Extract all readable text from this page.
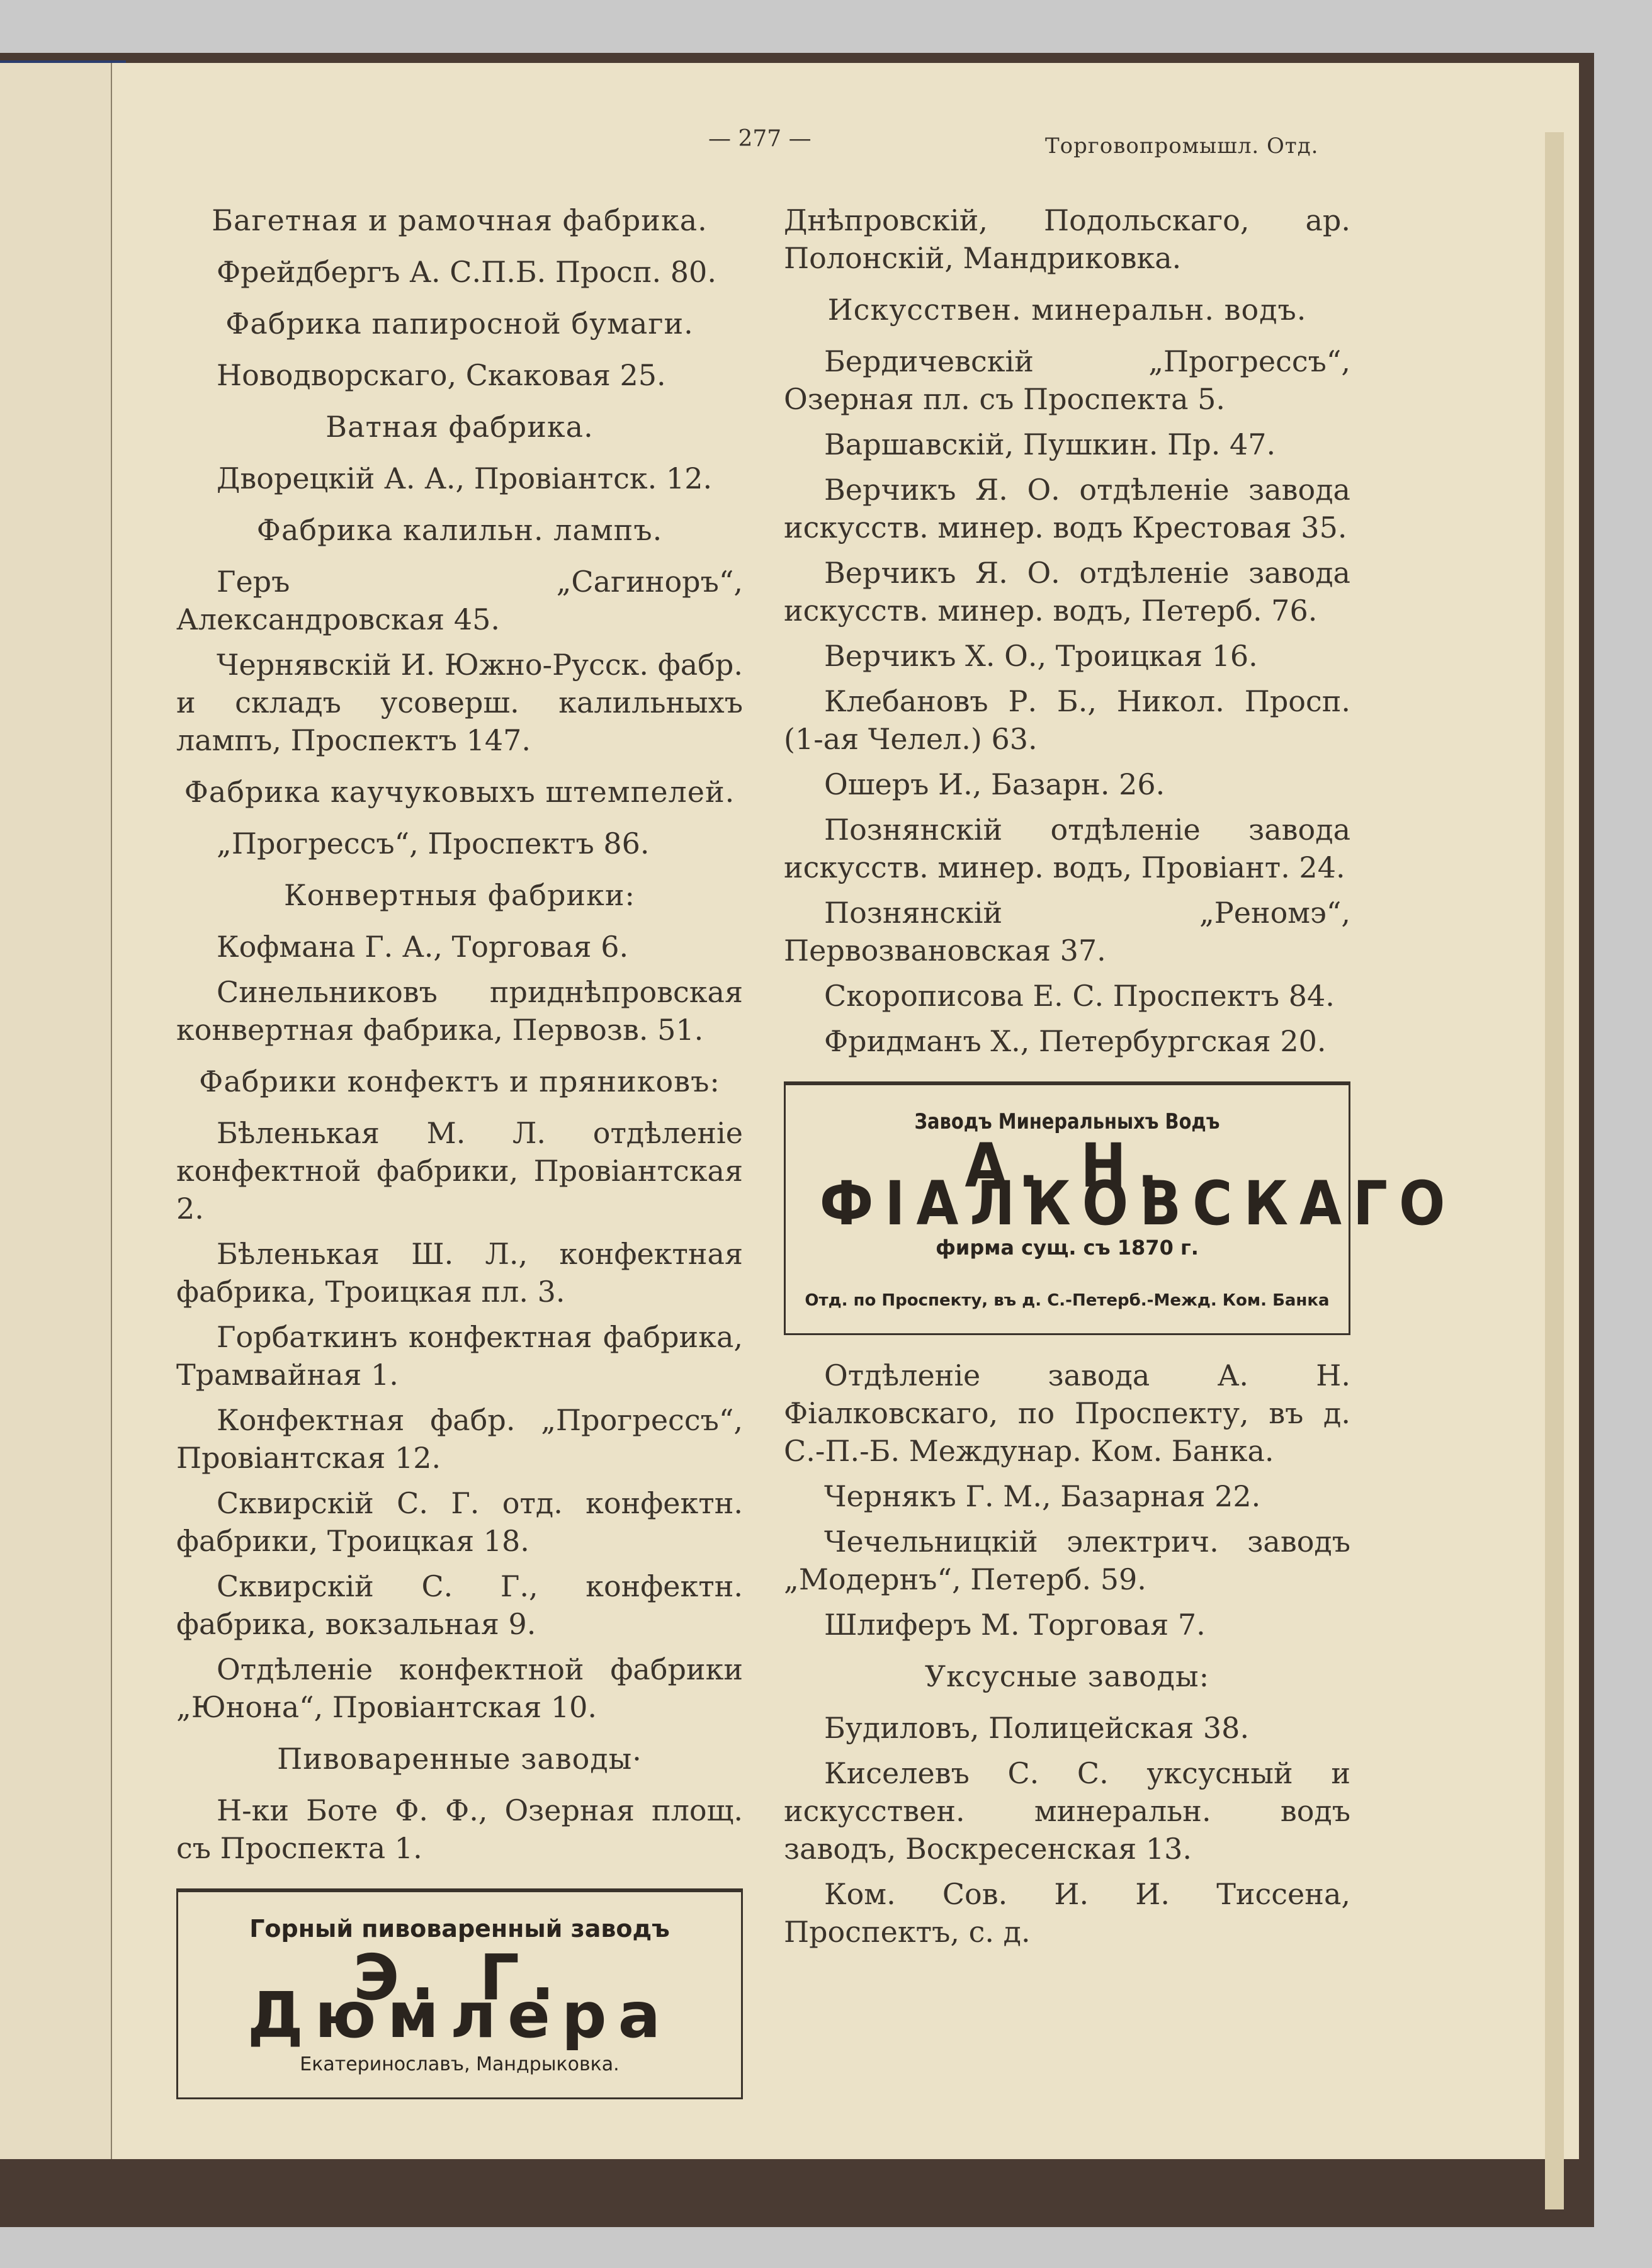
— 277 —	Торговопромышл. Отд.
Багетная и рамочная фабрика.
Фрейдбергъ А. С.П.Б. Просп. 80.
Фабрика папиросной бумаги.
Новодворскаго, Скаковая 25.
Ватная фабрика.
Дворецкій А. А., Провіантск. 12.
Фабрика калильн. лампъ.
Геръ „Сагиноръ“, Александровская 45.
Чернявскій И. Южно-Русск. фабр. и складъ усоверш. калильныхъ лампъ, Проспектъ 147.
Фабрика каучуковыхъ штемпелей.
„Прогрессъ“, Проспектъ 86.
Конвертныя фабрики:
Кофмана Г. А., Торговая 6.
Синельниковъ приднѣпровская конвертная фабрика, Первозв. 51.
Фабрики конфектъ и пряниковъ:
Бѣленькая М. Л. отдѣленіе конфектной фабрики, Провіантская 2.
Бѣленькая Ш. Л., конфектная фабрика, Троицкая пл. 3.
Горбаткинъ конфектная фабрика, Трамвайная 1.
Конфектная фабр. „Прогрессъ“, Провіантская 12.
Сквирскій С. Г. отд. конфектн. фабрики, Троицкая 18.
Сквирскій С. Г., конфектн. фабрика, вокзальная 9.
Отдѣленіе конфектной фабрики „Юнона“, Провіантская 10.
Пивоваренные заводы·
Н-ки Боте Ф. Ф., Озерная площ. съ Проспекта 1.
Горный пивоваренный заводъ
Э. Г. Дюмлера
Екатеринославъ, Мандрыковка.
Днѣпровскій, Подольскаго, ар. Полонскій, Мандриковка.
Искусствен. минеральн. водъ.
Бердичевскій „Прогрессъ“, Озерная пл. съ Проспекта 5.
Варшавскій, Пушкин. Пр. 47.
Верчикъ Я. О. отдѣленіе завода искусств. минер. водъ Крестовая 35.
Верчикъ Я. О. отдѣленіе завода искусств. минер. водъ, Петерб. 76.
Верчикъ Х. О., Троицкая 16.
Клебановъ Р. Б., Никол. Просп. (1-ая Челел.) 63.
Ошеръ И., Базарн. 26.
Познянскій отдѣленіе завода искусств. минер. водъ, Провіант. 24.
Познянскій „Реномэ“, Первозвановская 37.
Скорописова Е. С. Проспектъ 84.
Фридманъ Х., Петербургская 20.
Заводъ Минеральныхъ Водъ
А. Н. ФІАЛКОВСКАГО
фирма сущ. съ 1870 г.
Отд. по Проспекту, въ д. С.-Петерб.-Межд. Ком. Банка
Отдѣленіе завода А. Н. Фіалковскаго, по Проспекту, въ д. С.-П.-Б. Междунар. Ком. Банка.
Чернякъ Г. М., Базарная 22.
Чечельницкій электрич. заводъ „Модернъ“, Петерб. 59.
Шлиферъ М. Торговая 7.
Уксусные заводы:
Будиловъ, Полицейская 38.
Киселевъ С. С. уксусный и искусствен. минеральн. водъ заводъ, Воскресенская 13.
Ком. Сов. И. И. Тиссена, Проспектъ, с. д.
